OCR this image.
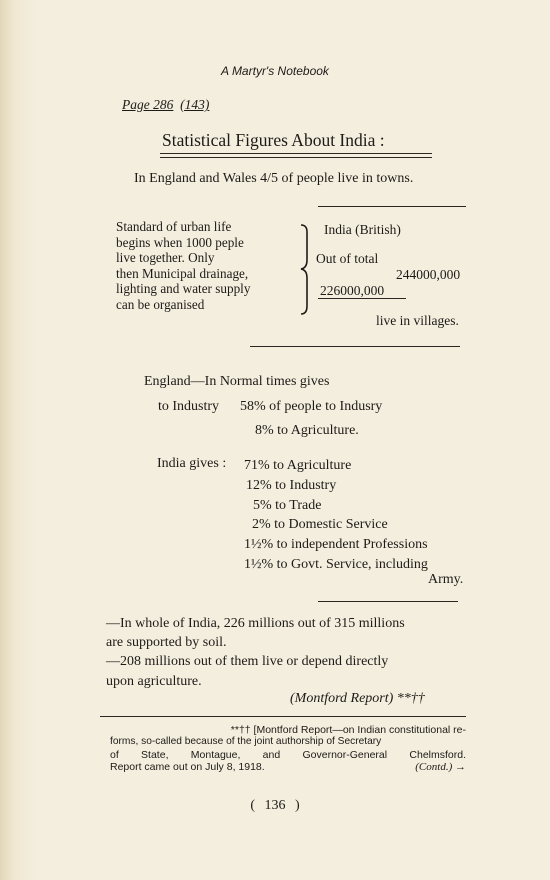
A Martyr's Notebook
Page 286 (143)
Statistical Figures About India :
In England and Wales 4/5 of people live in towns.
Standard of urban life
begins when 1000 peple
live together. Only
then Municipal drainage,
lighting and water supply
can be organised
India (British)
Out of total
244000,000
226000,000
live in villages.
England—In Normal times gives
to Industry 58% of people to Indusry
8% to Agriculture.
India gives : 71% to Agriculture
12% to Industry
5% to Trade
2% to Domestic Service
1½% to independent Professions
1½% to Govt. Service, including
Army.
—In whole of India, 226 millions out of 315 millions
are supported by soil.
—208 millions out of them live or depend directly
upon agriculture.
(Montford Report) **††
**†† [Montford Report—on Indian constitutional re-
forms, so-called because of the joint authorship of Secretary
of State, Montague, and Governor-General Chelmsford.
Report came out on July 8, 1918.	(Contd.) →
( 136 )
